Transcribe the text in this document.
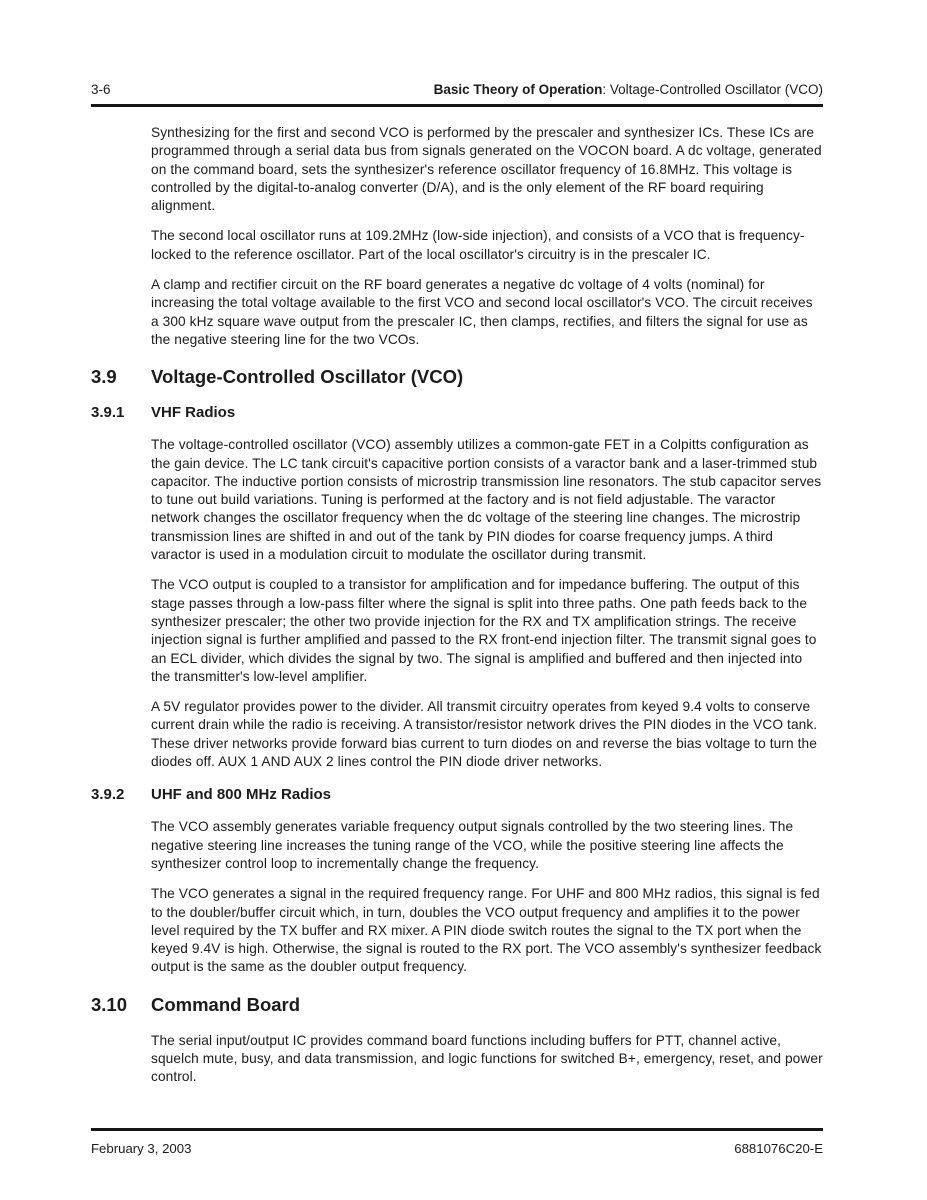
3-6	Basic Theory of Operation: Voltage-Controlled Oscillator (VCO)

Synthesizing for the first and second VCO is performed by the prescaler and synthesizer ICs. These ICs are programmed through a serial data bus from signals generated on the VOCON board. A dc voltage, generated on the command board, sets the synthesizer's reference oscillator frequency of 16.8MHz. This voltage is controlled by the digital-to-analog converter (D/A), and is the only element of the RF board requiring alignment.

The second local oscillator runs at 109.2MHz (low-side injection), and consists of a VCO that is frequency-locked to the reference oscillator. Part of the local oscillator's circuitry is in the prescaler IC.

A clamp and rectifier circuit on the RF board generates a negative dc voltage of 4 volts (nominal) for increasing the total voltage available to the first VCO and second local oscillator's VCO. The circuit receives a 300 kHz square wave output from the prescaler IC, then clamps, rectifies, and filters the signal for use as the negative steering line for the two VCOs.

3.9	Voltage-Controlled Oscillator (VCO)
3.9.1	VHF Radios

The voltage-controlled oscillator (VCO) assembly utilizes a common-gate FET in a Colpitts configuration as the gain device. The LC tank circuit's capacitive portion consists of a varactor bank and a laser-trimmed stub capacitor. The inductive portion consists of microstrip transmission line resonators. The stub capacitor serves to tune out build variations. Tuning is performed at the factory and is not field adjustable. The varactor network changes the oscillator frequency when the dc voltage of the steering line changes. The microstrip transmission lines are shifted in and out of the tank by PIN diodes for coarse frequency jumps. A third varactor is used in a modulation circuit to modulate the oscillator during transmit.

The VCO output is coupled to a transistor for amplification and for impedance buffering. The output of this stage passes through a low-pass filter where the signal is split into three paths. One path feeds back to the synthesizer prescaler; the other two provide injection for the RX and TX amplification strings. The receive injection signal is further amplified and passed to the RX front-end injection filter. The transmit signal goes to an ECL divider, which divides the signal by two. The signal is amplified and buffered and then injected into the transmitter's low-level amplifier.

A 5V regulator provides power to the divider. All transmit circuitry operates from keyed 9.4 volts to conserve current drain while the radio is receiving. A transistor/resistor network drives the PIN diodes in the VCO tank. These driver networks provide forward bias current to turn diodes on and reverse the bias voltage to turn the diodes off. AUX 1 AND AUX 2 lines control the PIN diode driver networks.

3.9.2	UHF and 800 MHz Radios

The VCO assembly generates variable frequency output signals controlled by the two steering lines. The negative steering line increases the tuning range of the VCO, while the positive steering line affects the synthesizer control loop to incrementally change the frequency.

The VCO generates a signal in the required frequency range. For UHF and 800 MHz radios, this signal is fed to the doubler/buffer circuit which, in turn, doubles the VCO output frequency and amplifies it to the power level required by the TX buffer and RX mixer. A PIN diode switch routes the signal to the TX port when the keyed 9.4V is high. Otherwise, the signal is routed to the RX port. The VCO assembly's synthesizer feedback output is the same as the doubler output frequency.

3.10	Command Board

The serial input/output IC provides command board functions including buffers for PTT, channel active, squelch mute, busy, and data transmission, and logic functions for switched B+, emergency, reset, and power control.

February 3, 2003	6881076C20-E
